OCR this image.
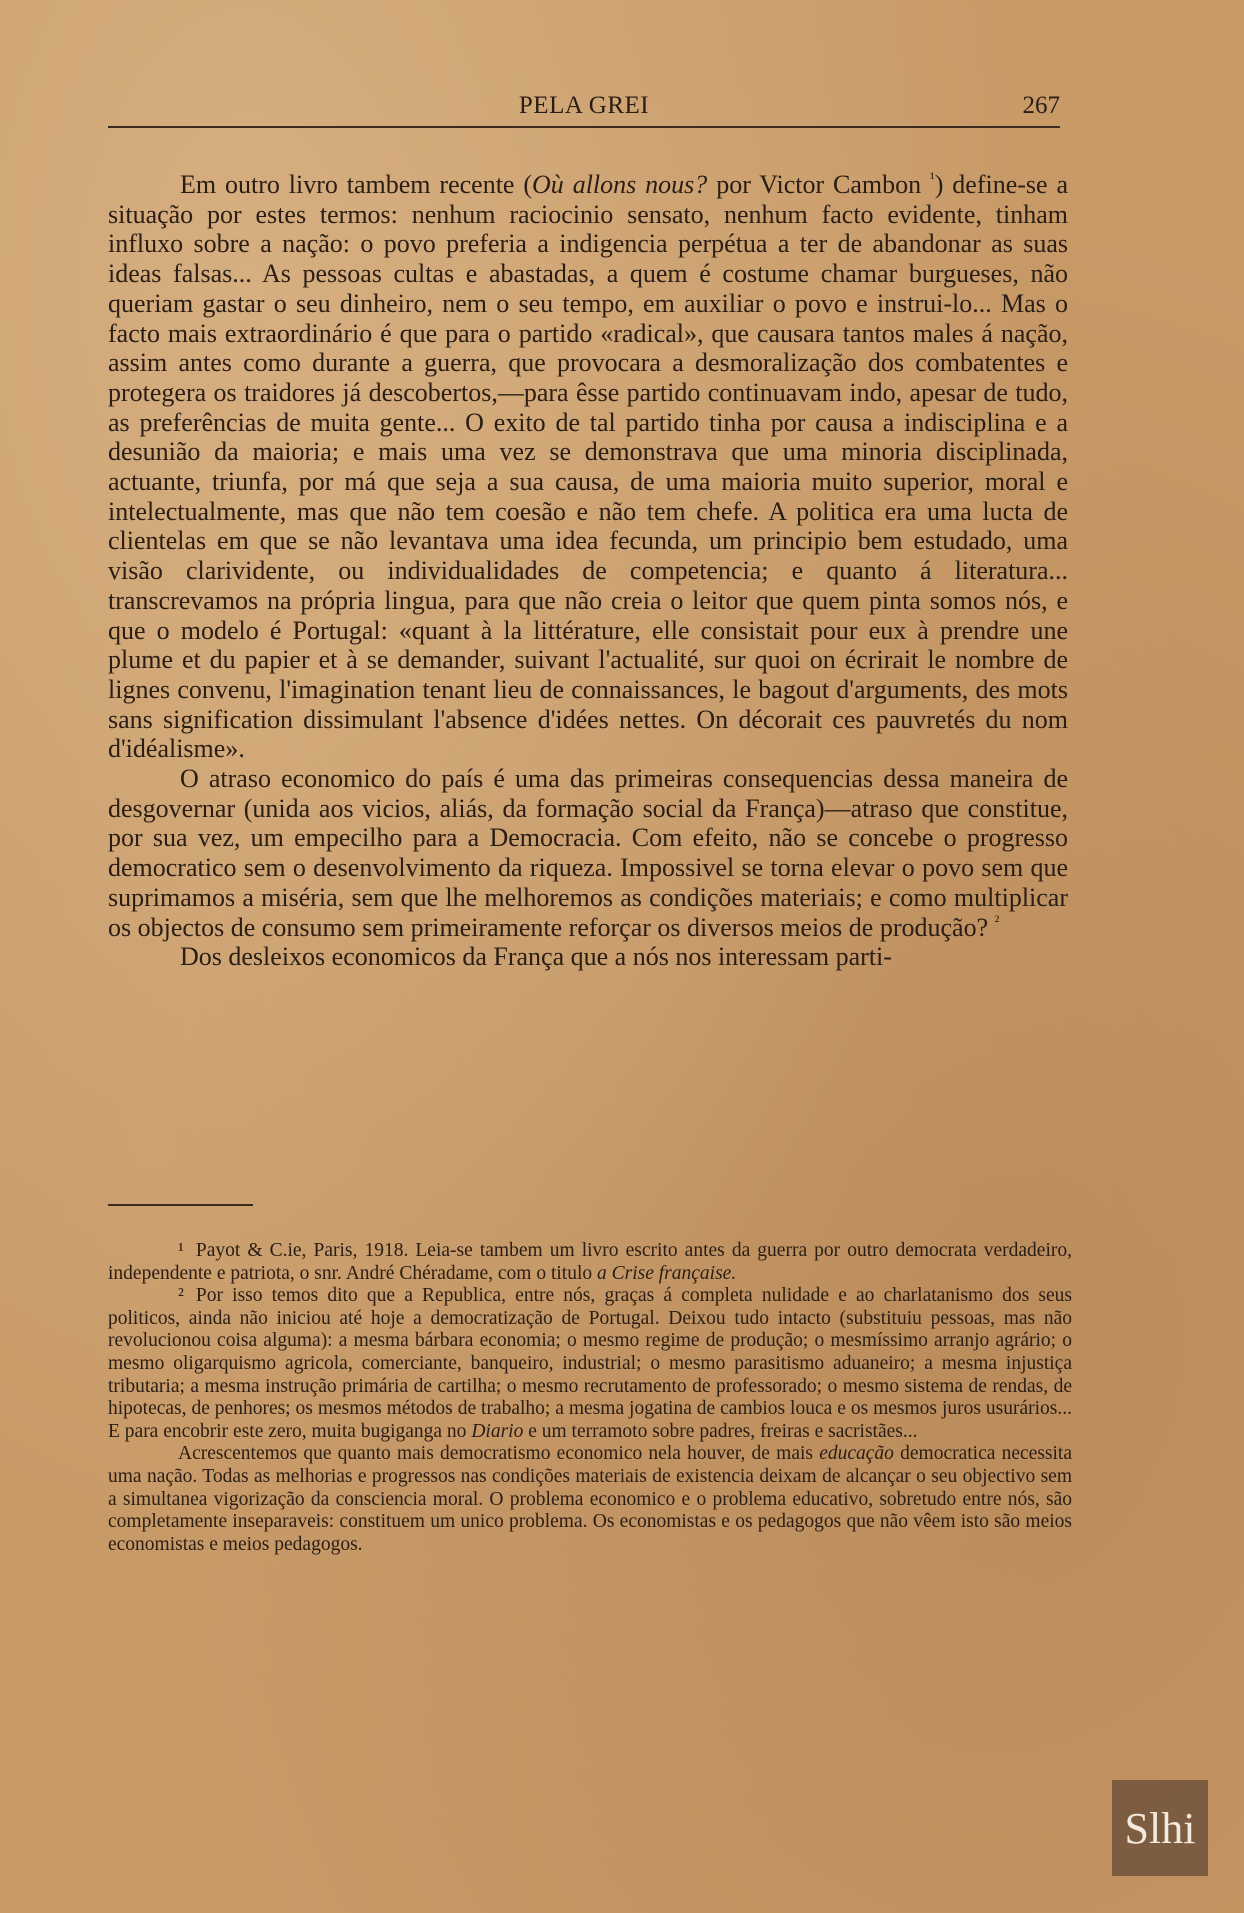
PELA GREI	267

Em outro livro tambem recente (Où allons nous? por Victor Cambon $^{^1}$) define-se a situação por estes termos: nenhum raciocinio sensato, nenhum facto evidente, tinham influxo sobre a nação: o povo preferia a indigencia perpétua a ter de abandonar as suas ideas falsas... As pessoas cultas e abastadas, a quem é costume chamar burgueses, não queriam gastar o seu dinheiro, nem o seu tempo, em auxiliar o povo e instrui-lo... Mas o facto mais extraordinário é que para o partido «radical», que causara tantos males á nação, assim antes como durante a guerra, que provocara a desmoralização dos combatentes e protegera os traidores já descobertos,—para êsse partido continuavam indo, apesar de tudo, as preferências de muita gente... O exito de tal partido tinha por causa a indisciplina e a desunião da maioria; e mais uma vez se demonstrava que uma minoria disciplinada, actuante, triunfa, por má que seja a sua causa, de uma maioria muito superior, moral e intelectualmente, mas que não tem coesão e não tem chefe. A politica era uma lucta de clientelas em que se não levantava uma idea fecunda, um principio bem estudado, uma visão clarividente, ou individualidades de competencia; e quanto á literatura... transcrevamos na própria lingua, para que não creia o leitor que quem pinta somos nós, e que o modelo é Portugal: «quant à la littérature, elle consistait pour eux à prendre une plume et du papier et à se demander, suivant l'actualité, sur quoi on écrirait le nombre de lignes convenu, l'imagination tenant lieu de connaissances, le bagout d'arguments, des mots sans signification dissimulant l'absence d'idées nettes. On décorait ces pauvretés du nom d'idéalisme».

O atraso economico do país é uma das primeiras consequencias dessa maneira de desgovernar (unida aos vicios, aliás, da formação social da França)—atraso que constitue, por sua vez, um empecilho para a Democracia. Com efeito, não se concebe o progresso democratico sem o desenvolvimento da riqueza. Impossivel se torna elevar o povo sem que suprimamos a miséria, sem que lhe melhoremos as condições materiais; e como multiplicar os objectos de consumo sem primeiramente reforçar os diversos meios de produção? $^{^2}$

Dos desleixos economicos da França que a nós nos interessam parti-

¹ Payot & C.ie, Paris, 1918. Leia-se tambem um livro escrito antes da guerra por outro democrata verdadeiro, independente e patriota, o snr. André Chéradame, com o titulo a Crise française.

² Por isso temos dito que a Republica, entre nós, graças á completa nulidade e ao charlatanismo dos seus politicos, ainda não iniciou até hoje a democratização de Portugal. Deixou tudo intacto (substituiu pessoas, mas não revolucionou coisa alguma): a mesma bárbara economia; o mesmo regime de produção; o mesmíssimo arranjo agrário; o mesmo oligarquismo agricola, comerciante, banqueiro, industrial; o mesmo parasitismo aduaneiro; a mesma injustiça tributaria; a mesma instrução primária de cartilha; o mesmo recrutamento de professorado; o mesmo sistema de rendas, de hipotecas, de penhores; os mesmos métodos de trabalho; a mesma jogatina de cambios louca e os mesmos juros usurários... E para encobrir este zero, muita bugiganga no Diario e um terramoto sobre padres, freiras e sacristães...

Acrescentemos que quanto mais democratismo economico nela houver, de mais educação democratica necessita uma nação. Todas as melhorias e progressos nas condições materiais de existencia deixam de alcançar o seu objectivo sem a simultanea vigorização da consciencia moral. O problema economico e o problema educativo, sobretudo entre nós, são completamente inseparaveis: constituem um unico problema. Os economistas e os pedagogos que não vêem isto são meios economistas e meios pedagogos.

Slhi
